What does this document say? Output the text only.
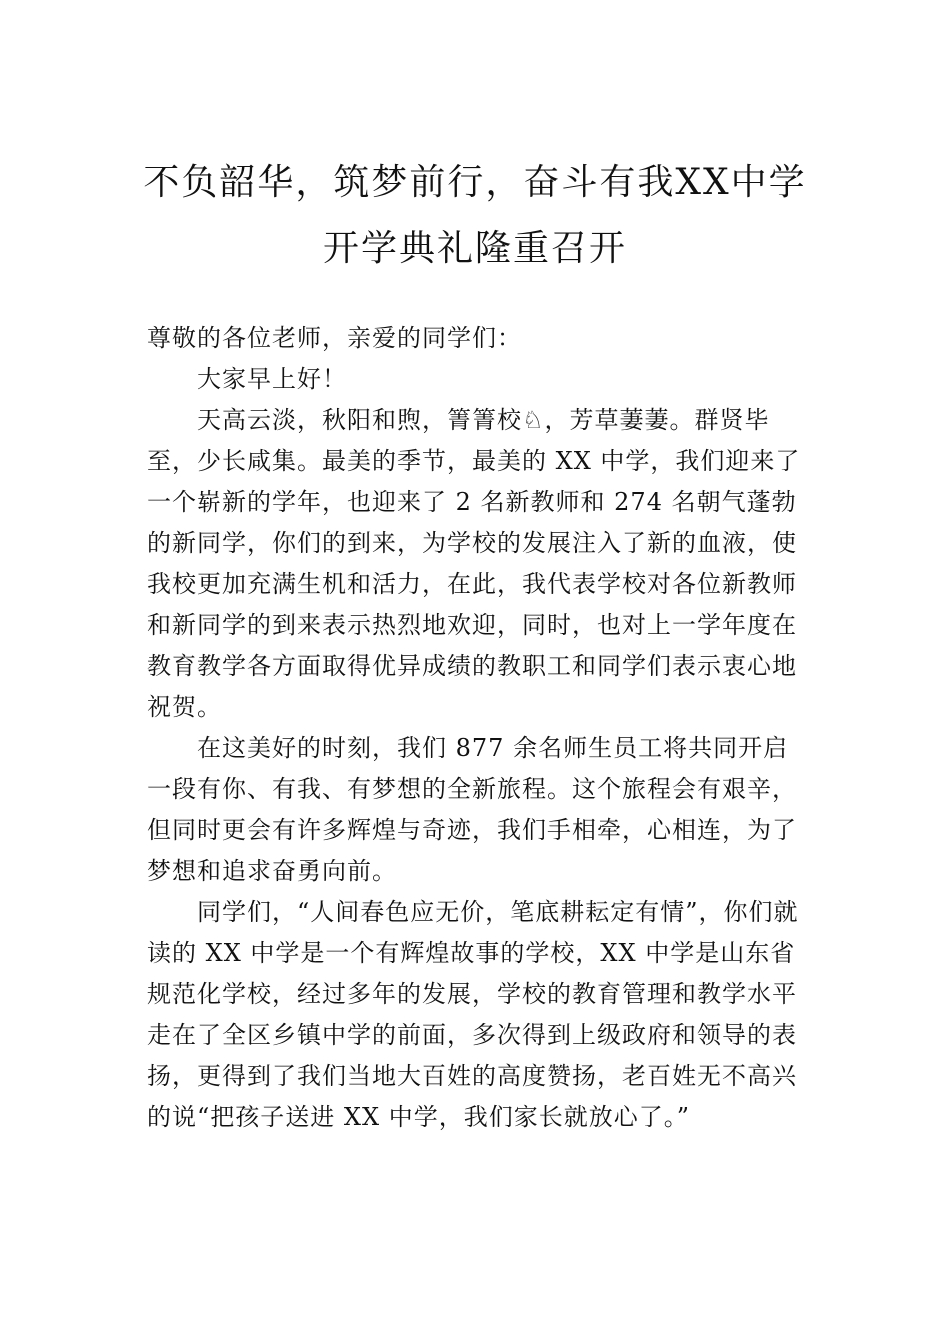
不负韶华，筑梦前行，奋斗有我XX中学
开学典礼隆重召开

尊敬的各位老师，亲爱的同学们：

大家早上好！

天高云淡，秋阳和煦，箐箐校♘，芳草萋萋。群贤毕至，少长咸集。最美的季节，最美的 XX 中学，我们迎来了一个崭新的学年，也迎来了 2 名新教师和 274 名朝气蓬勃的新同学，你们的到来，为学校的发展注入了新的血液，使我校更加充满生机和活力，在此，我代表学校对各位新教师和新同学的到来表示热烈地欢迎，同时，也对上一学年度在教育教学各方面取得优异成绩的教职工和同学们表示衷心地祝贺。

在这美好的时刻，我们 877 余名师生员工将共同开启一段有你、有我、有梦想的全新旅程。这个旅程会有艰辛，但同时更会有许多辉煌与奇迹，我们手相牵，心相连，为了梦想和追求奋勇向前。

同学们，“人间春色应无价，笔底耕耘定有情”，你们就读的 XX 中学是一个有辉煌故事的学校，XX 中学是山东省规范化学校，经过多年的发展，学校的教育管理和教学水平走在了全区乡镇中学的前面，多次得到上级政府和领导的表扬，更得到了我们当地大百姓的高度赞扬，老百姓无不高兴的说“把孩子送进 XX 中学，我们家长就放心了。”
